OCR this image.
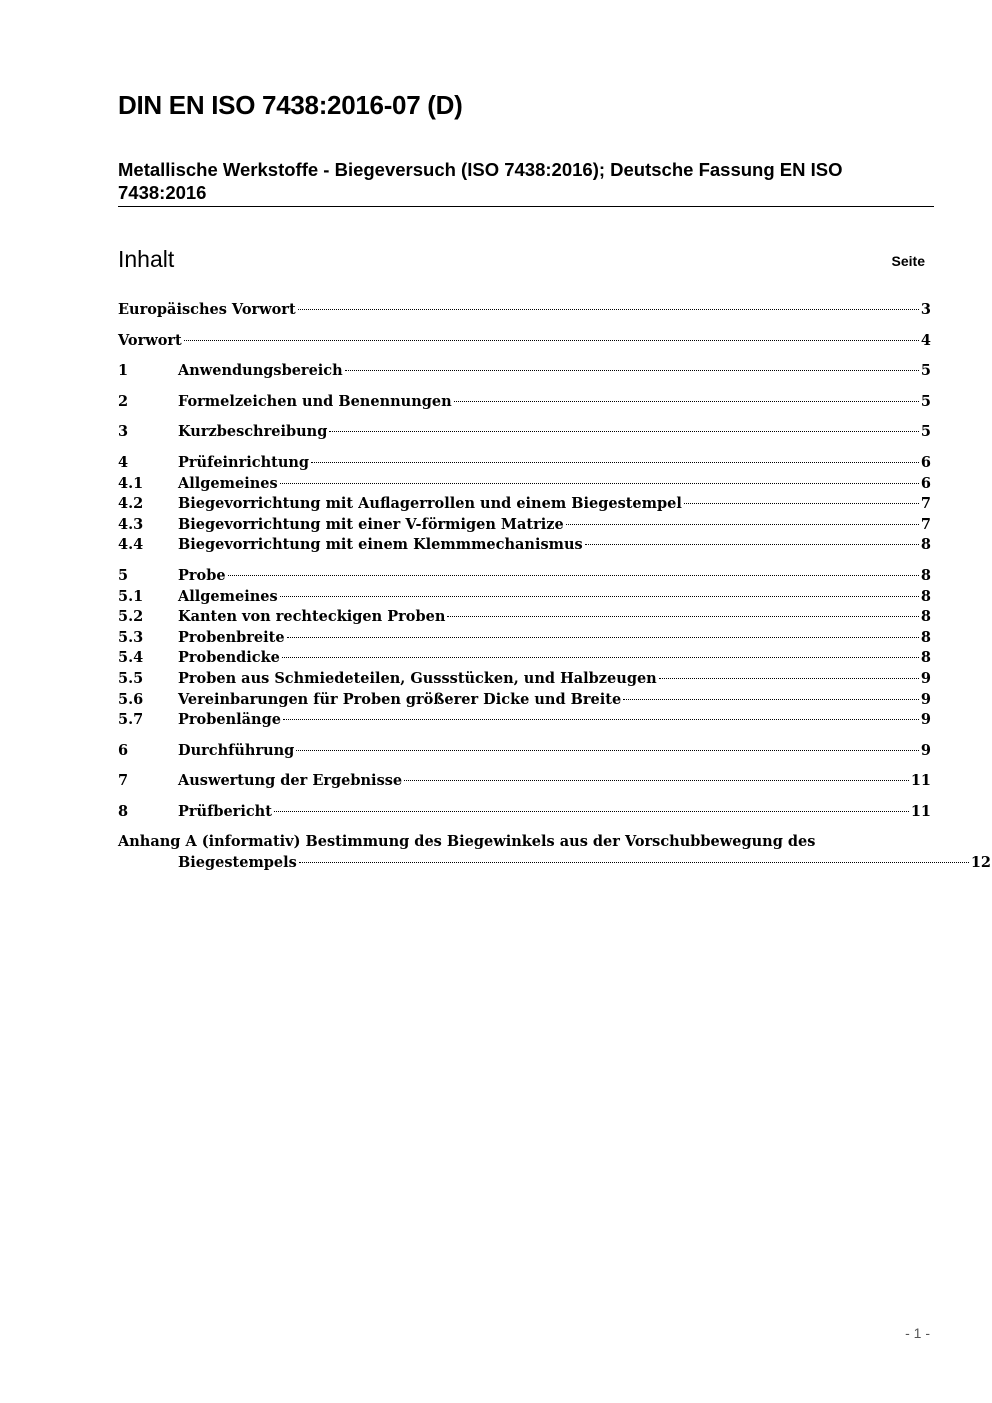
DIN EN ISO 7438:2016-07 (D)
Metallische Werkstoffe - Biegeversuch (ISO 7438:2016); Deutsche Fassung EN ISO 7438:2016
Inhalt	Seite
Europäisches Vorwort	3
Vorwort	4
1	Anwendungsbereich	5
2	Formelzeichen und Benennungen	5
3	Kurzbeschreibung	5
4	Prüfeinrichtung	6
4.1	Allgemeines	6
4.2	Biegevorrichtung mit Auflagerrollen und einem Biegestempel	7
4.3	Biegevorrichtung mit einer V-förmigen Matrize	7
4.4	Biegevorrichtung mit einem Klemmmechanismus	8
5	Probe	8
5.1	Allgemeines	8
5.2	Kanten von rechteckigen Proben	8
5.3	Probenbreite	8
5.4	Probendicke	8
5.5	Proben aus Schmiedeteilen, Gussstücken, und Halbzeugen	9
5.6	Vereinbarungen für Proben größerer Dicke und Breite	9
5.7	Probenlänge	9
6	Durchführung	9
7	Auswertung der Ergebnisse	11
8	Prüfbericht	11
Anhang A (informativ) Bestimmung des Biegewinkels aus der Vorschubbewegung des
Biegestempels	12
- 1 -
